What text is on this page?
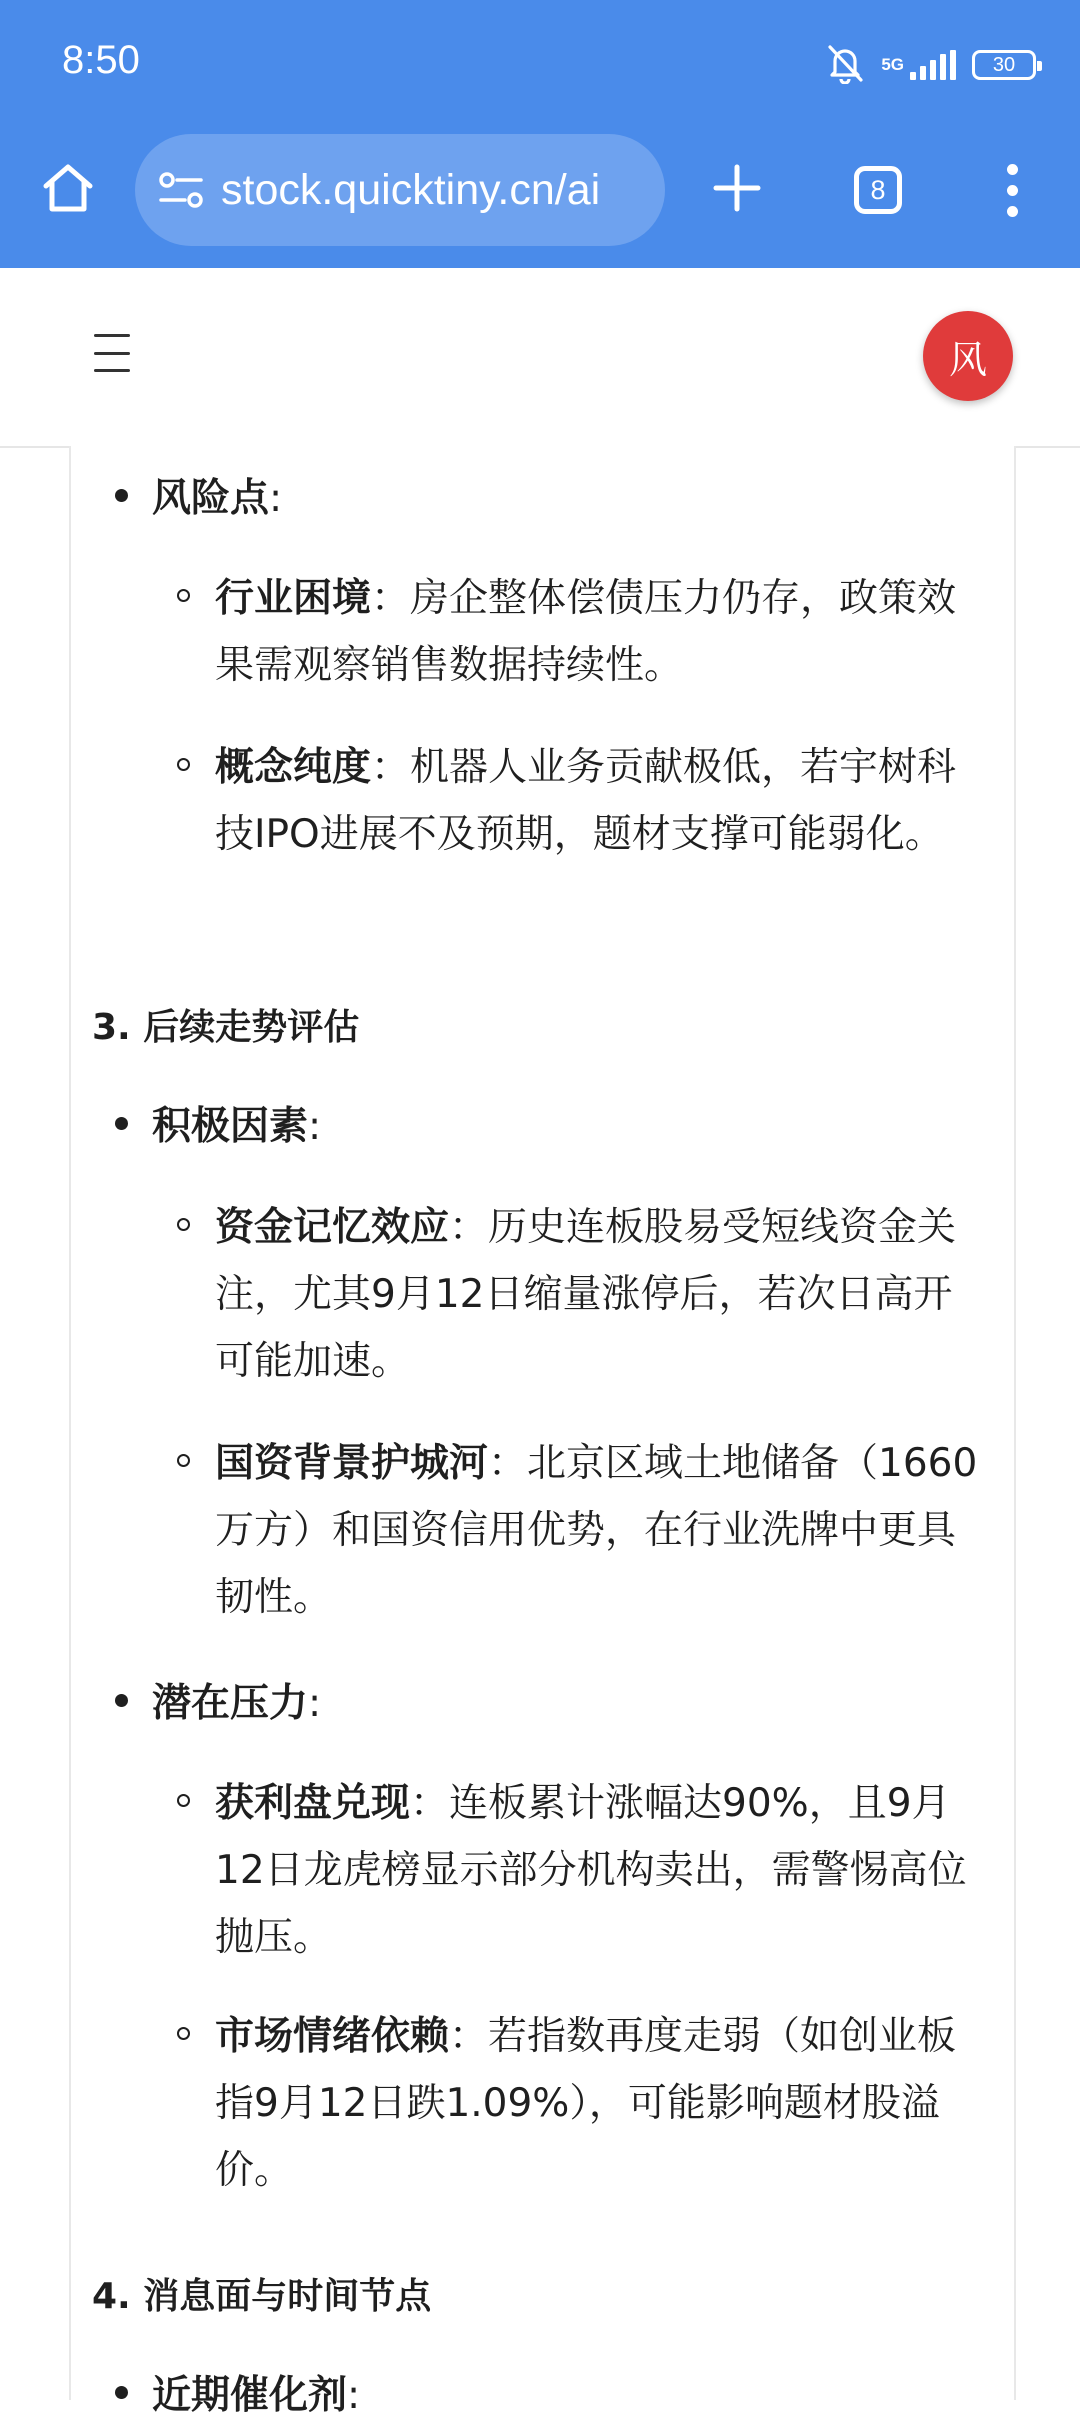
8:50	5G	30
stock.quicktiny.cn/ai	8
风
风险点:
行业困境：房企整体偿债压力仍存，政策效果需观察销售数据持续性。
概念纯度：机器人业务贡献极低，若宇树科技IPO进展不及预期，题材支撑可能弱化。
3. 后续走势评估
积极因素:
资金记忆效应：历史连板股易受短线资金关注，尤其9月12日缩量涨停后，若次日高开可能加速。
国资背景护城河：北京区域土地储备（1660万方）和国资信用优势，在行业洗牌中更具韧性。
潜在压力:
获利盘兑现：连板累计涨幅达90%，且9月12日龙虎榜显示部分机构卖出，需警惕高位抛压。
市场情绪依赖：若指数再度走弱（如创业板指9月12日跌1.09%），可能影响题材股溢价。
4. 消息面与时间节点
近期催化剂:
